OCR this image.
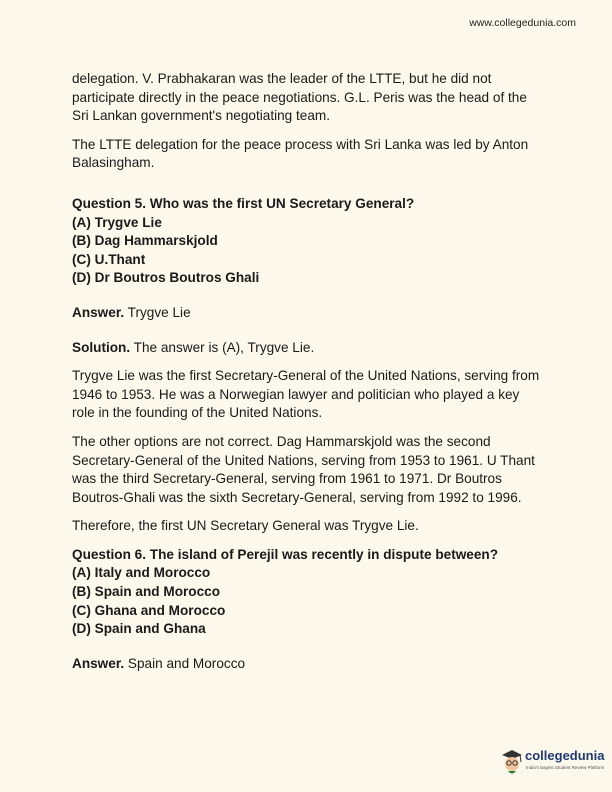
www.collegedunia.com

delegation. V. Prabhakaran was the leader of the LTTE, but he did not participate directly in the peace negotiations. G.L. Peris was the head of the Sri Lankan government's negotiating team.

The LTTE delegation for the peace process with Sri Lanka was led by Anton Balasingham.

Question 5. Who was the first UN Secretary General?

(A) Trygve Lie

(B) Dag Hammarskjold

(C) U.Thant

(D) Dr Boutros Boutros Ghali

Answer. Trygve Lie

Solution. The answer is (A), Trygve Lie.

Trygve Lie was the first Secretary-General of the United Nations, serving from 1946 to 1953. He was a Norwegian lawyer and politician who played a key role in the founding of the United Nations.

The other options are not correct. Dag Hammarskjold was the second Secretary-General of the United Nations, serving from 1953 to 1961. U Thant was the third Secretary-General, serving from 1961 to 1971. Dr Boutros Boutros-Ghali was the sixth Secretary-General, serving from 1992 to 1996.

Therefore, the first UN Secretary General was Trygve Lie.

Question 6. The island of Perejil was recently in dispute between?

(A) Italy and Morocco

(B) Spain and Morocco

(C) Ghana and Morocco

(D) Spain and Ghana

Answer. Spain and Morocco

collegedunia
India's largest Student Review Platform
